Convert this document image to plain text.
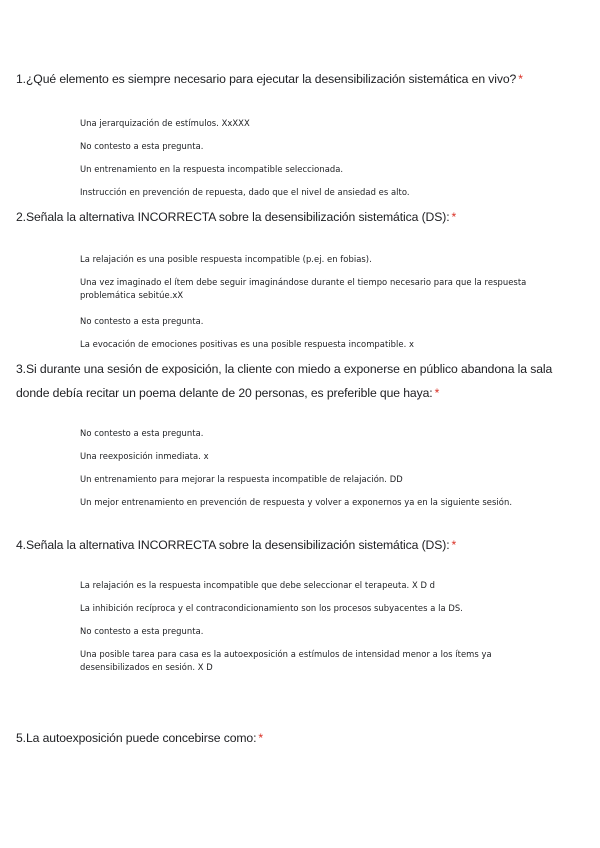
1.¿Qué elemento es siempre necesario para ejecutar la desensibilización sistemática en vivo? *
Una jerarquización de estímulos. XxXXX
No contesto a esta pregunta.
Un entrenamiento en la respuesta incompatible seleccionada.
Instrucción en prevención de repuesta, dado que el nivel de ansiedad es alto.
2.Señala la alternativa INCORRECTA sobre la desensibilización sistemática (DS): *
La relajación es una posible respuesta incompatible (p.ej. en fobias).
Una vez imaginado el ítem debe seguir imaginándose durante el tiempo necesario para que la respuesta problemática sebitúe.xX
No contesto a esta pregunta.
La evocación de emociones positivas es una posible respuesta incompatible. x
3.Si durante una sesión de exposición, la cliente con miedo a exponerse en público abandona la sala donde debía recitar un poema delante de 20 personas, es preferible que haya: *
No contesto a esta pregunta.
Una reexposición inmediata. x
Un entrenamiento para mejorar la respuesta incompatible de relajación. DD
Un mejor entrenamiento en prevención de respuesta y volver a exponernos ya en la siguiente sesión.
4.Señala la alternativa INCORRECTA sobre la desensibilización sistemática (DS): *
La relajación es la respuesta incompatible que debe seleccionar el terapeuta. X D d
La inhibición recíproca y el contracondicionamiento son los procesos subyacentes a la DS.
No contesto a esta pregunta.
Una posible tarea para casa es la autoexposición a estímulos de intensidad menor a los ítems ya desensibilizados en sesión. X D
5.La autoexposición puede concebirse como: *
